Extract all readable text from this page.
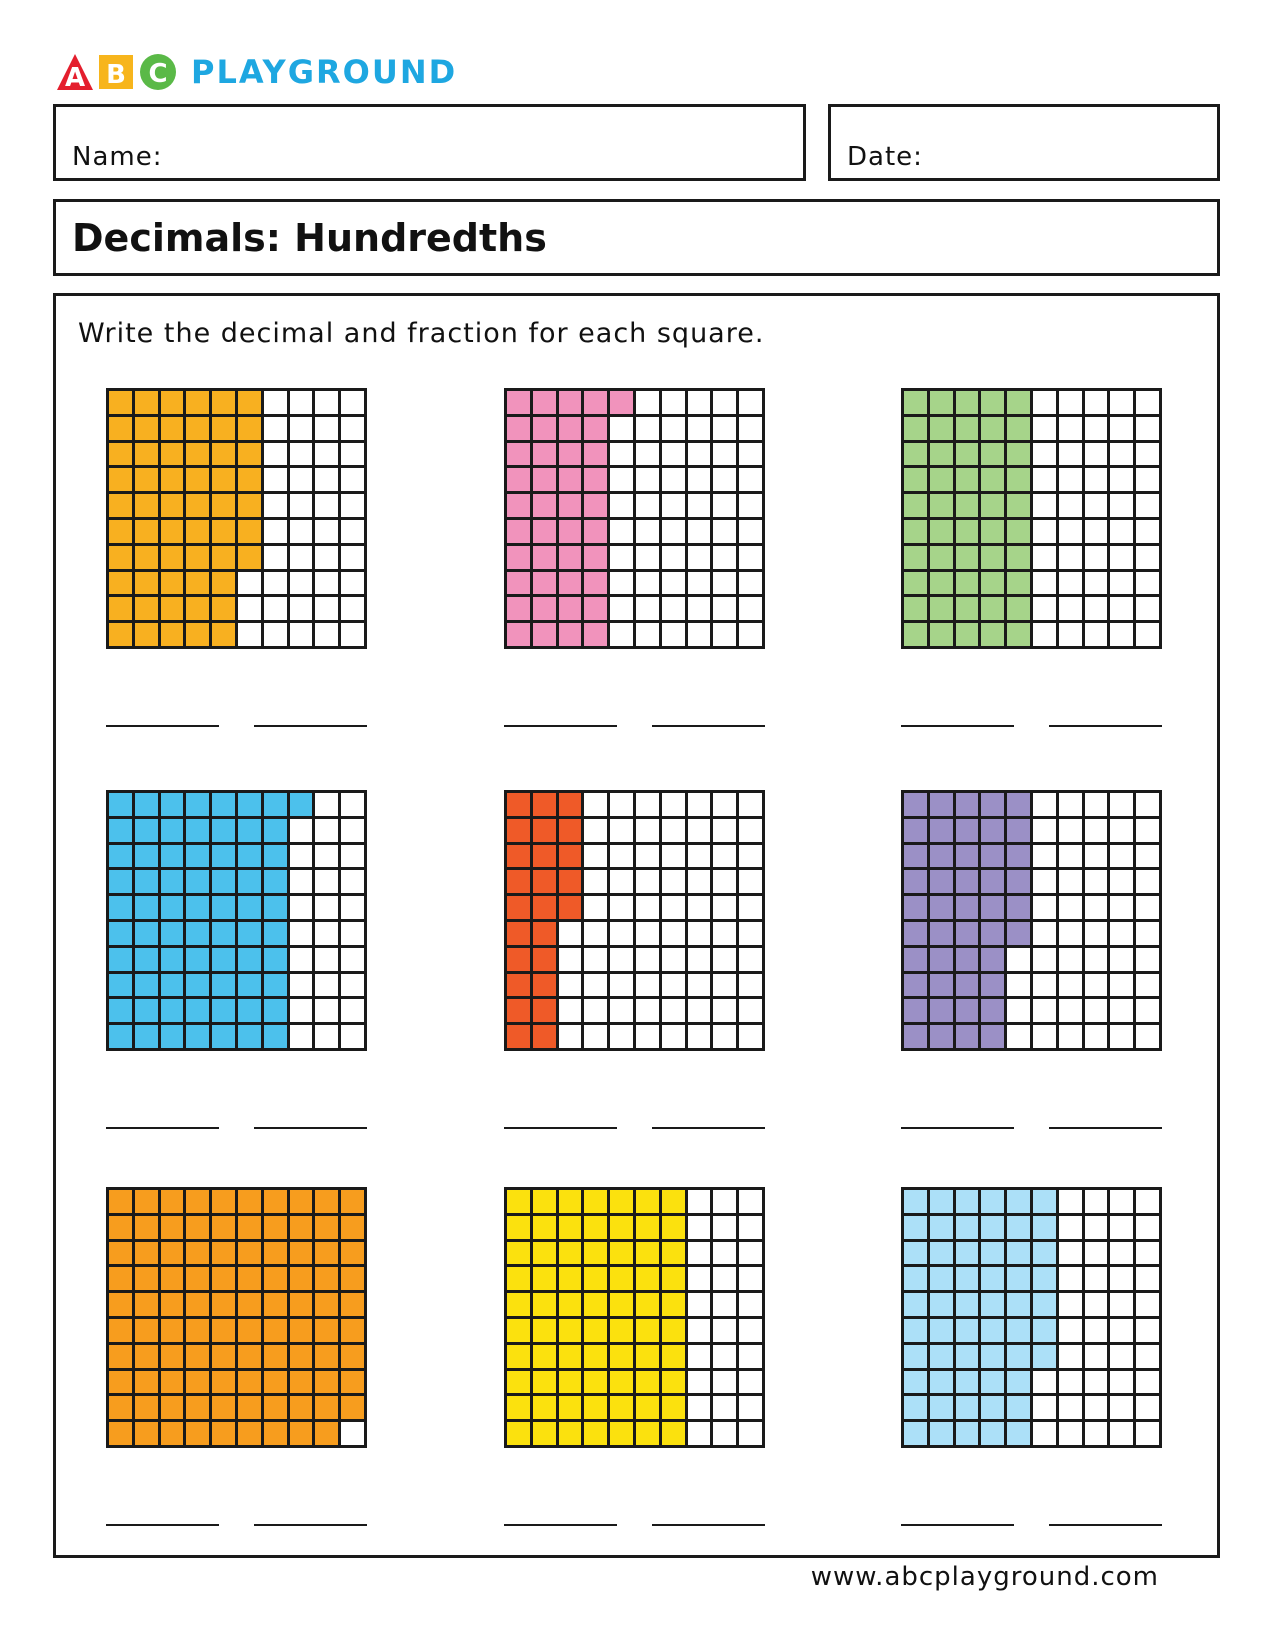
A B C PLAYGROUND
Name:	Date:
Decimals: Hundredths
Write the decimal and fraction for each square.
www.abcplayground.com
